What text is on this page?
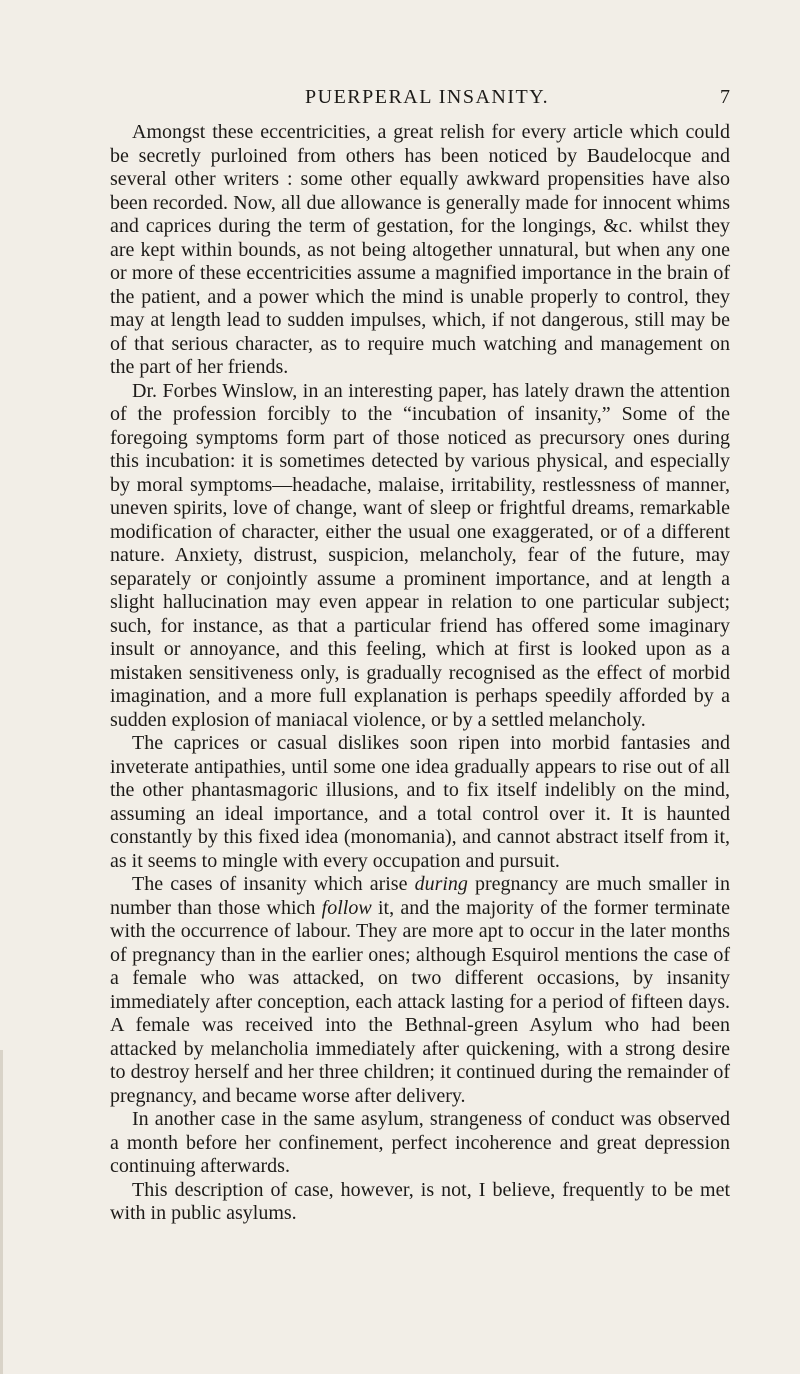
PUERPERAL INSANITY.	7

Amongst these eccentricities, a great relish for every article which could be secretly purloined from others has been noticed by Baudelocque and several other writers : some other equally awkward propensities have also been recorded. Now, all due allowance is generally made for innocent whims and caprices during the term of gestation, for the longings, &c. whilst they are kept within bounds, as not being altogether unnatural, but when any one or more of these eccentricities assume a magnified importance in the brain of the patient, and a power which the mind is unable properly to control, they may at length lead to sudden impulses, which, if not dangerous, still may be of that serious character, as to require much watching and management on the part of her friends.

Dr. Forbes Winslow, in an interesting paper, has lately drawn the attention of the profession forcibly to the “incubation of insanity,” Some of the foregoing symptoms form part of those noticed as precursory ones during this incubation: it is sometimes detected by various physical, and especially by moral symptoms—headache, malaise, irritability, restlessness of manner, uneven spirits, love of change, want of sleep or frightful dreams, remarkable modification of character, either the usual one exaggerated, or of a different nature. Anxiety, distrust, suspicion, melancholy, fear of the future, may separately or conjointly assume a prominent importance, and at length a slight hallucination may even appear in relation to one particular subject; such, for instance, as that a particular friend has offered some imaginary insult or annoyance, and this feeling, which at first is looked upon as a mistaken sensitiveness only, is gradually recognised as the effect of morbid imagination, and a more full explanation is perhaps speedily afforded by a sudden explosion of maniacal violence, or by a settled melancholy.

The caprices or casual dislikes soon ripen into morbid fantasies and inveterate antipathies, until some one idea gradually appears to rise out of all the other phantasmagoric illusions, and to fix itself indelibly on the mind, assuming an ideal importance, and a total control over it. It is haunted constantly by this fixed idea (monomania), and cannot abstract itself from it, as it seems to mingle with every occupation and pursuit.

The cases of insanity which arise during pregnancy are much smaller in number than those which follow it, and the majority of the former terminate with the occurrence of labour. They are more apt to occur in the later months of pregnancy than in the earlier ones; although Esquirol mentions the case of a female who was attacked, on two different occasions, by insanity immediately after conception, each attack lasting for a period of fifteen days. A female was received into the Bethnal-green Asylum who had been attacked by melancholia immediately after quickening, with a strong desire to destroy herself and her three children; it continued during the remainder of pregnancy, and became worse after delivery.

In another case in the same asylum, strangeness of conduct was observed a month before her confinement, perfect incoherence and great depression continuing afterwards.

This description of case, however, is not, I believe, frequently to be met with in public asylums.
